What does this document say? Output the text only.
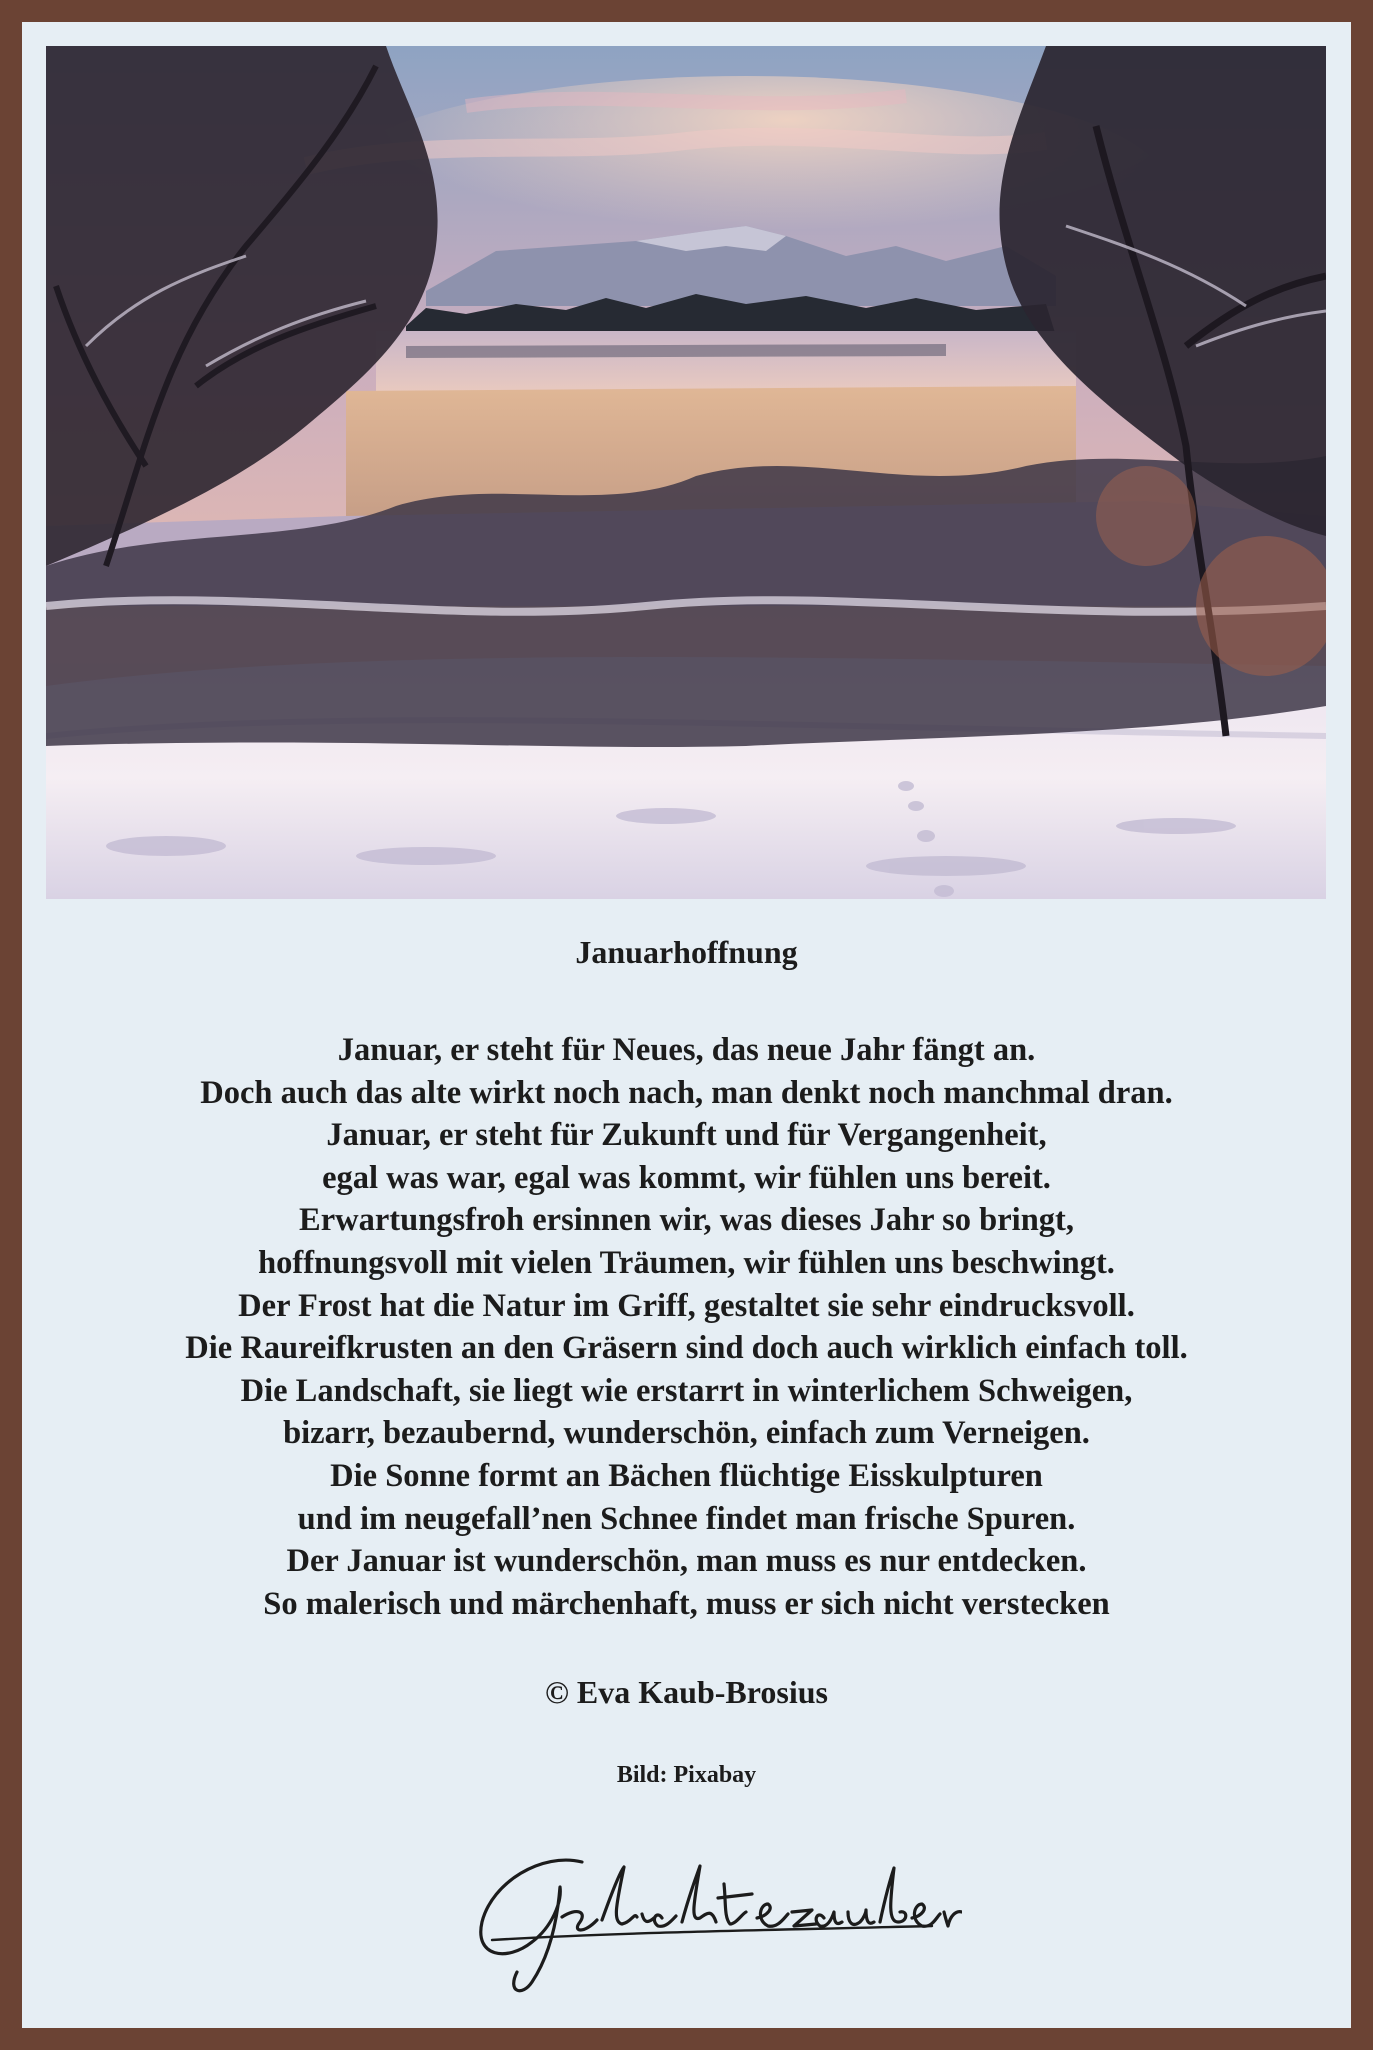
Januarhoffnung
Januar, er steht für Neues, das neue Jahr fängt an.
Doch auch das alte wirkt noch nach, man denkt noch manchmal dran.
Januar, er steht für Zukunft und für Vergangenheit,
egal was war, egal was kommt, wir fühlen uns bereit.
Erwartungsfroh ersinnen wir, was dieses Jahr so bringt,
hoffnungsvoll mit vielen Träumen, wir fühlen uns beschwingt.
Der Frost hat die Natur im Griff, gestaltet sie sehr eindrucksvoll.
Die Raureifkrusten an den Gräsern sind doch auch wirklich einfach toll.
Die Landschaft, sie liegt wie erstarrt in winterlichem Schweigen,
bizarr, bezaubernd, wunderschön, einfach zum Verneigen.
Die Sonne formt an Bächen flüchtige Eisskulpturen
und im neugefall’nen Schnee findet man frische Spuren.
Der Januar ist wunderschön, man muss es nur entdecken.
So malerisch und märchenhaft, muss er sich nicht verstecken
© Eva Kaub-Brosius
Bild: Pixabay
